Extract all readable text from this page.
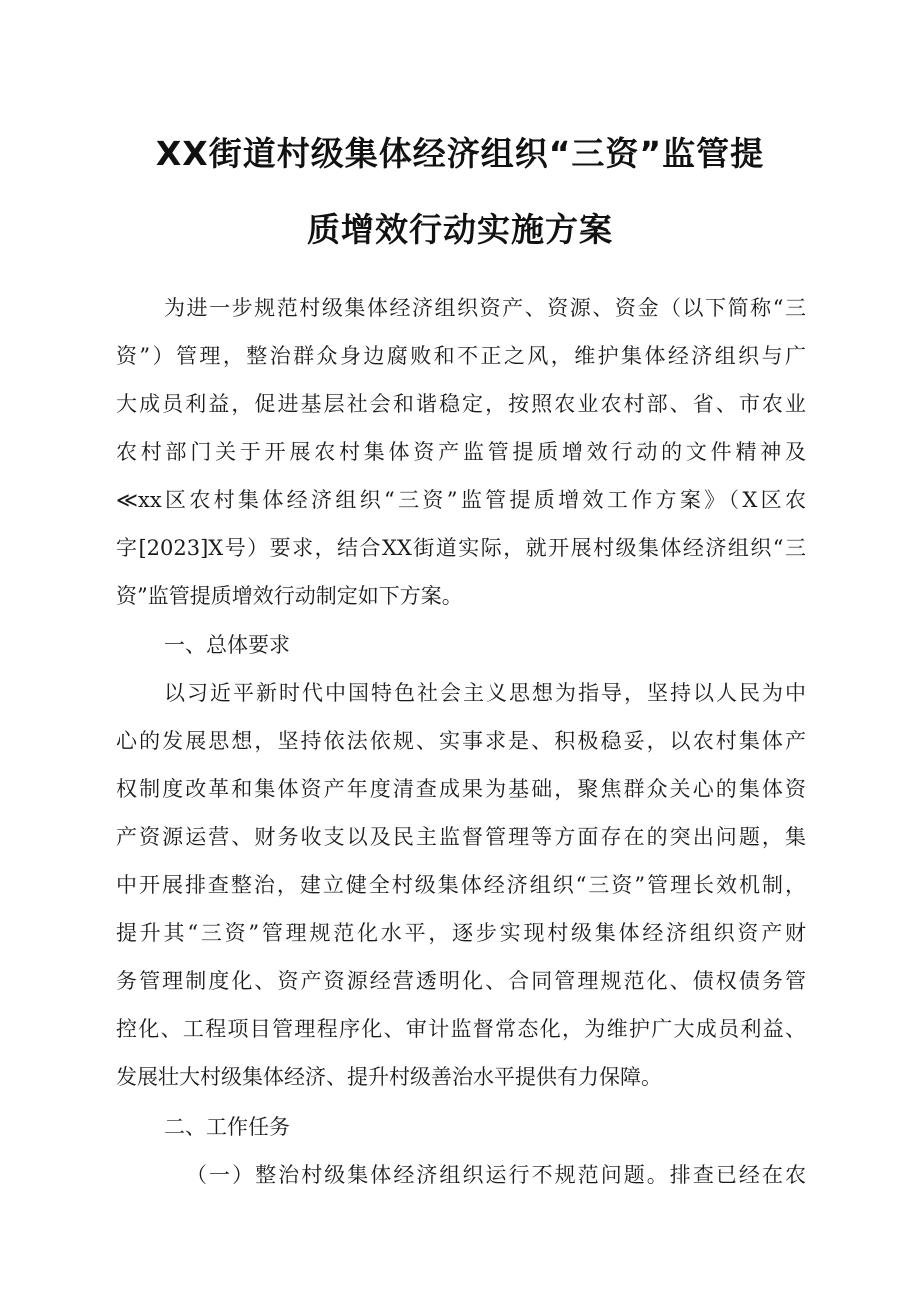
XX街道村级集体经济组织“三资”监管提
质增效行动实施方案
为进一步规范村级集体经济组织资产、资源、资金（以下简称“三
资”）管理，整治群众身边腐败和不正之风，维护集体经济组织与广
大成员利益，促进基层社会和谐稳定，按照农业农村部、省、市农业
农村部门关于开展农村集体资产监管提质增效行动的文件精神及
≪xx区农村集体经济组织“三资”监管提质增效工作方案》（X区农
字[2023]X号）要求，结合XX街道实际，就开展村级集体经济组织“三
资”监管提质增效行动制定如下方案。
一、总体要求
以习近平新时代中国特色社会主义思想为指导，坚持以人民为中
心的发展思想，坚持依法依规、实事求是、积极稳妥，以农村集体产
权制度改革和集体资产年度清查成果为基础，聚焦群众关心的集体资
产资源运营、财务收支以及民主监督管理等方面存在的突出问题，集
中开展排查整治，建立健全村级集体经济组织“三资”管理长效机制，
提升其“三资”管理规范化水平，逐步实现村级集体经济组织资产财
务管理制度化、资产资源经营透明化、合同管理规范化、债权债务管
控化、工程项目管理程序化、审计监督常态化，为维护广大成员利益、
发展壮大村级集体经济、提升村级善治水平提供有力保障。
二、工作任务
（一）整治村级集体经济组织运行不规范问题。排查已经在农
